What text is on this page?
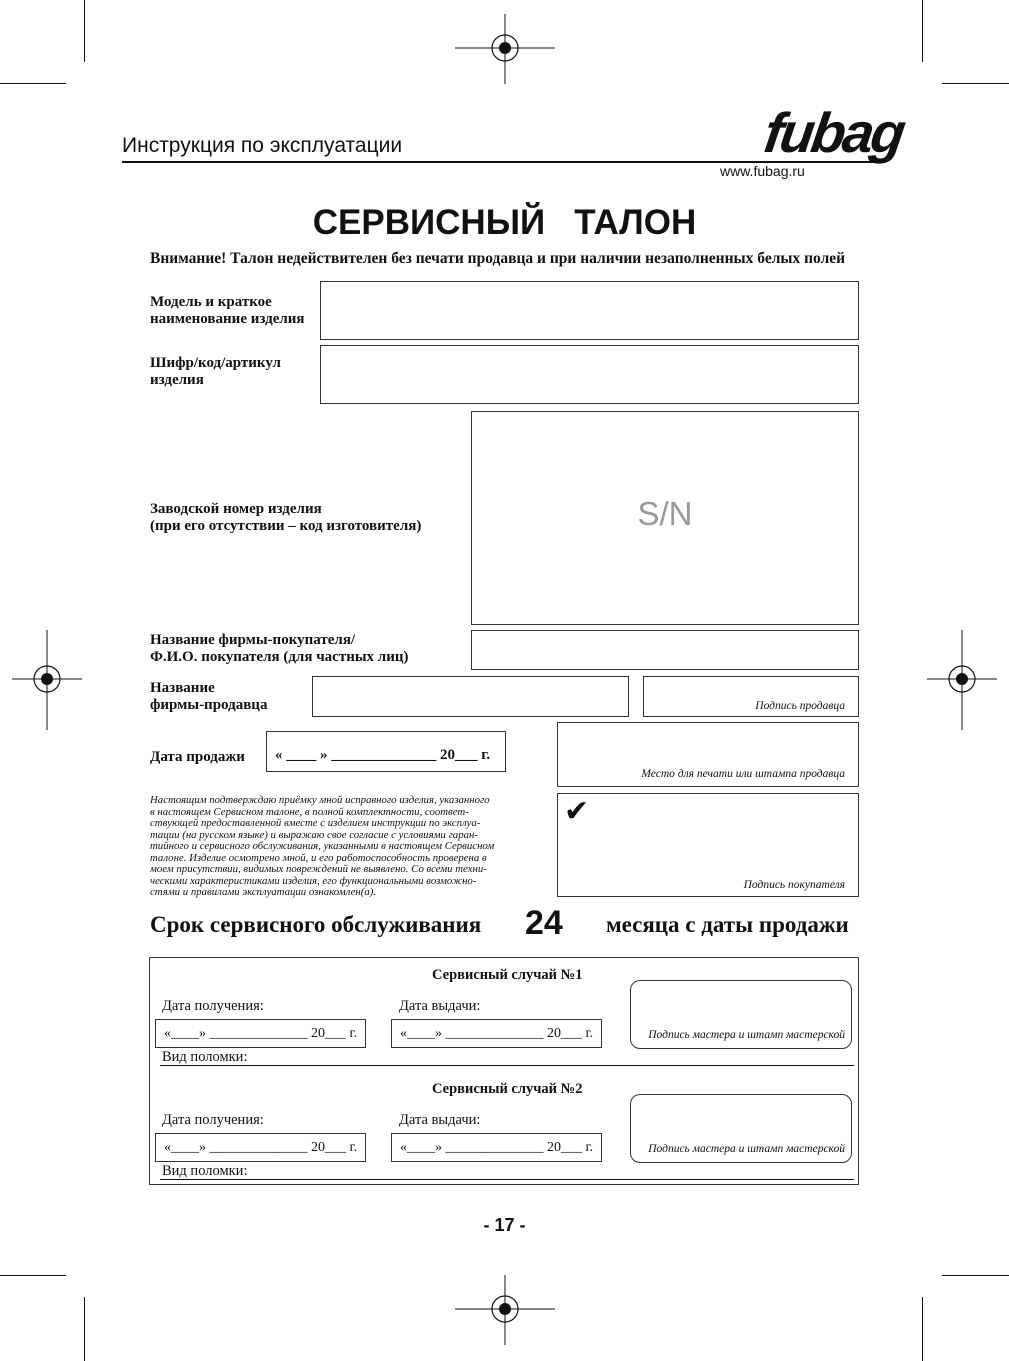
Инструкция по эксплуатации	fubag
www.fubag.ru
СЕРВИСНЫЙ   ТАЛОН
Внимание! Талон недействителен без печати продавца и при наличии незаполненных белых полей
Модель и краткое
наименование изделия
Шифр/код/артикул
изделия
Заводской номер изделия
(при его отсутствии – код изготовителя)	S/N
Название фирмы-покупателя/
Ф.И.О. покупателя (для частных лиц)
Название
фирмы-продавца	Подпись продавца
Дата продажи	« ____ » ______________ 20___ г.
Место для печати или штампа продавца
Настоящим подтверждаю приёмку мной исправного изделия, указанного
в настоящем Сервисном талоне, в полной комплектности, соответ-
ствующей предоставленной вместе с изделием инструкции по эксплуа-
тации (на русском языке) и выражаю свое согласие с условиями гаран-
тийного и сервисного обслуживания, указанными в настоящем Сервисном
талоне. Изделие осмотрено мной, и его работоспособность проверена в
моем присутствии, видимых повреждений не выявлено. Со всеми техни-
ческими характеристиками изделия, его функциональными возможно-
стями и правилами эксплуатации ознакомлен(а).
✔
Подпись покупателя
Срок сервисного обслуживания 24 месяца с даты продажи
Сервисный случай №1
Дата получения:	Дата выдачи:
«____» ______________ 20___ г.	«____» ______________ 20___ г.	Подпись мастера и штамп мастерской
Вид поломки:
Сервисный случай №2
Дата получения:	Дата выдачи:
«____» ______________ 20___ г.	«____» ______________ 20___ г.	Подпись мастера и штамп мастерской
Вид поломки:
- 17 -
